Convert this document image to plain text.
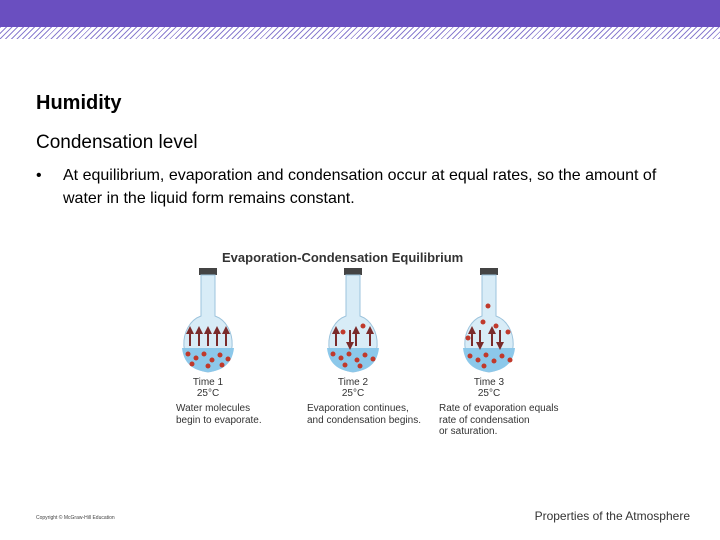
Humidity
Condensation level
• At equilibrium, evaporation and condensation occur at equal rates, so the amount of water in the liquid form remains constant.
Evaporation-Condensation Equilibrium
Time 1
25°C
Time 2
25°C
Time 3
25°C
Water molecules
begin to evaporate.
Evaporation continues,
and condensation begins.
Rate of evaporation equals
rate of condensation
or saturation.
Copyright © McGraw-Hill Education	Properties of the Atmosphere
